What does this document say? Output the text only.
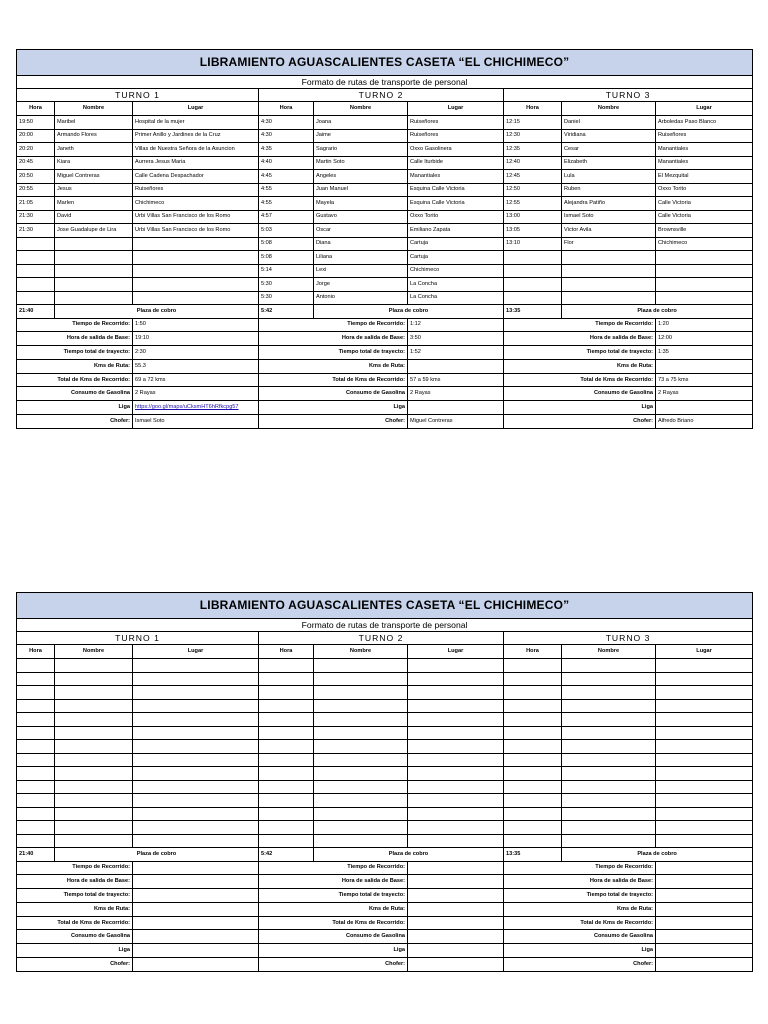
LIBRAMIENTO AGUASCALIENTES CASETA “EL CHICHIMECO”								
Formato de rutas de transporte de personal								
TURNO 1			TURNO 2			TURNO 3		
Hora	Nombre	Lugar	Hora	Nombre	Lugar	Hora	Nombre	Lugar
19:50	Maribel	Hospital de la mujer	4:30	Joana	Ruiseñores	12:15	Daniel	Arboledas Paso Blanco
20:00	Armando Flores	Primer Anillo y Jardines de la Cruz	4:30	Jaime	Ruiseñores	12:30	Viridiana	Ruiseñores
20:20	Janeth	Villas de Nuestra Señora de la Asuncion	4:35	Sagrario	Oxxo Gasolinera	12:35	Cesar	Manantiales
20:45	Kiara	Aurrera Jesus Maria	4:40	Martin Soto	Calle Iturbide	12:40	Elizabeth	Manantiales
20:50	Miguel Contreras	Calle Cadena Despachador	4:45	Angeles	Manantiales	12:45	Lula	El Mezquital
20:55	Jesus	Ruiseñores	4:55	Juan Manuel	Esquina Calle Victoria	12:50	Ruben	Oxxo Torito
21:05	Marlen	Chichimeco	4:55	Mayela	Esquina Calle Victoria	12:55	Alejandra Patiño	Calle Victoria
21:30	David	Urbi Villas San Francisco de los Romo	4:57	Gustavo	Oxxo Torito	13:00	Ismael Soto	Calle Victoria
21:30	Jose Guadalupe de Lira	Urbi Villas San Francisco de los Romo	5:03	Oscar	Emiliano Zapata	13:05	Victor Avila	Brownsville
			5:08	Diana	Cartuja	13:10	Flor	Chichimeco
			5:08	Liliana	Cartuja			
			5:14	Lexi	Chichimeco			
			5:30	Jorge	La Concha			
			5:30	Antonio	La Concha			
21:40	Plaza de cobro		5:42	Plaza de cobro		13:35	Plaza de cobro	
Tiempo de Recorrido:		1:50	Tiempo de Recorrido:		1:12	Tiempo de Recorrido:		1:20
Hora de salida de Base:		19:10	Hora de salida de Base:		3:50	Hora de salida de Base:		12:00
Tiempo total de trayecto:		2:30	Tiempo total de trayecto:		1:52	Tiempo total de trayecto:		1:35
Kms de Ruta:		55.3	Kms de Ruta:			Kms de Ruta:		
Total de Kms de Recorrido:		69 a 72 kms	Total de Kms de Recorrido:		57 a 59 kms	Total de Kms de Recorrido:		73 a 75 kms
Consumo de Gasolina		2 Rayas	Consumo de Gasolina		2 Rayas	Consumo de Gasolina		2 Rayas
Liga		https://goo.gl/maps/uCksmHT6hRfkcpg57	Liga			Liga		
Chofer:		Ismael Soto	Chofer:		Miguel Contreras	Chofer:		Alfredo Briano
LIBRAMIENTO AGUASCALIENTES CASETA “EL CHICHIMECO”								
Formato de rutas de transporte de personal								
TURNO 1			TURNO 2			TURNO 3		
Hora	Nombre	Lugar	Hora	Nombre	Lugar	Hora	Nombre	Lugar

21:40	Plaza de cobro		5:42	Plaza de cobro		13:35	Plaza de cobro	
Tiempo de Recorrido:			Tiempo de Recorrido:			Tiempo de Recorrido:		
Hora de salida de Base:			Hora de salida de Base:			Hora de salida de Base:		
Tiempo total de trayecto:			Tiempo total de trayecto:			Tiempo total de trayecto:		
Kms de Ruta:			Kms de Ruta:			Kms de Ruta:		
Total de Kms de Recorrido:			Total de Kms de Recorrido:			Total de Kms de Recorrido:		
Consumo de Gasolina			Consumo de Gasolina			Consumo de Gasolina		
Liga			Liga			Liga		
Chofer:			Chofer:			Chofer:		
